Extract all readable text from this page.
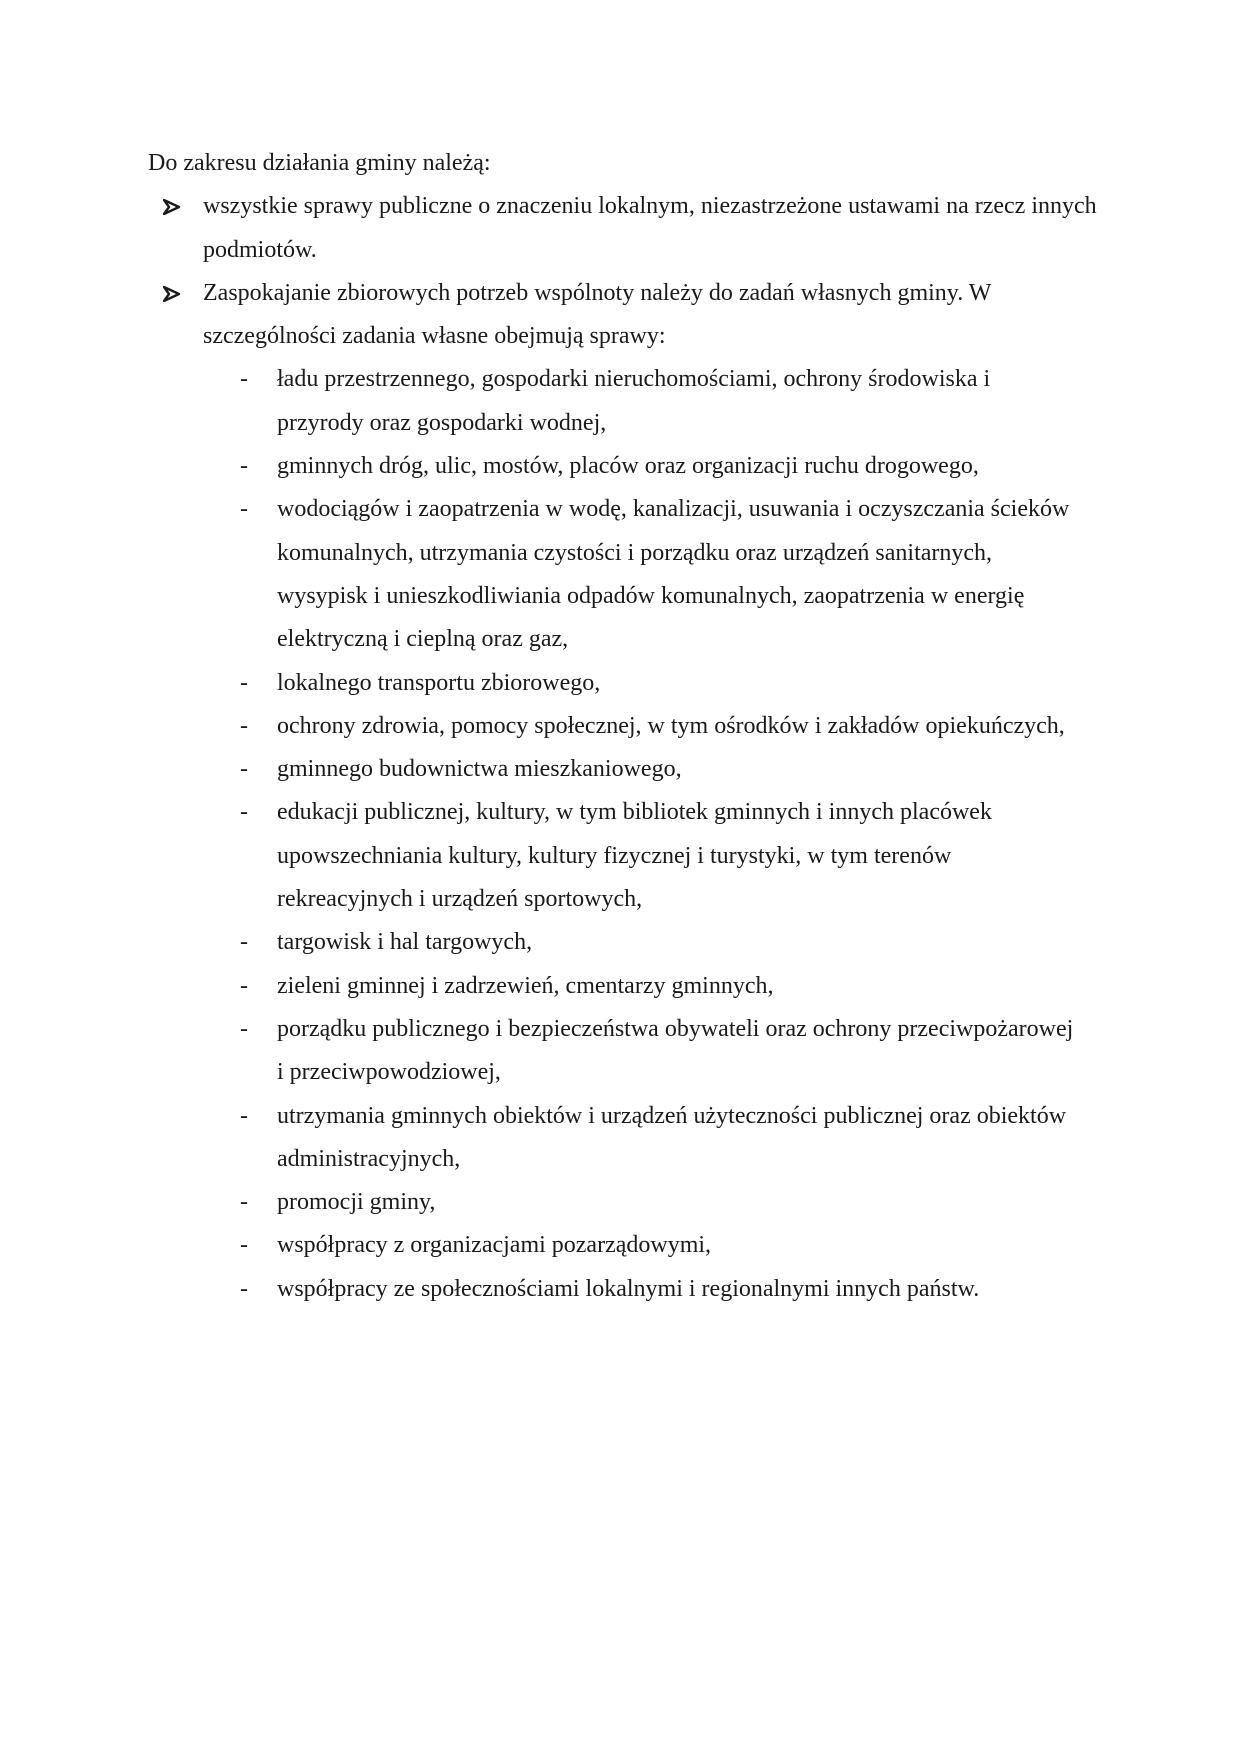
Do zakresu działania gminy należą:

wszystkie sprawy publiczne o znaczeniu lokalnym, niezastrzeżone ustawami na rzecz innych podmiotów.
Zaspokajanie zbiorowych potrzeb wspólnoty należy do zadań własnych gminy. W szczególności zadania własne obejmują sprawy:
- ładu przestrzennego, gospodarki nieruchomościami, ochrony środowiska i przyrody oraz gospodarki wodnej,
- gminnych dróg, ulic, mostów, placów oraz organizacji ruchu drogowego,
- wodociągów i zaopatrzenia w wodę, kanalizacji, usuwania i oczyszczania ścieków komunalnych, utrzymania czystości i porządku oraz urządzeń sanitarnych, wysypisk i unieszkodliwiania odpadów komunalnych, zaopatrzenia w energię elektryczną i cieplną oraz gaz,
- lokalnego transportu zbiorowego,
- ochrony zdrowia, pomocy społecznej, w tym ośrodków i zakładów opiekuńczych,
- gminnego budownictwa mieszkaniowego,
- edukacji publicznej, kultury, w tym bibliotek gminnych i innych placówek upowszechniania kultury, kultury fizycznej i turystyki, w tym terenów rekreacyjnych i urządzeń sportowych,
- targowisk i hal targowych,
- zieleni gminnej i zadrzewień, cmentarzy gminnych,
- porządku publicznego i bezpieczeństwa obywateli oraz ochrony przeciwpożarowej i przeciwpowodziowej,
- utrzymania gminnych obiektów i urządzeń użyteczności publicznej oraz obiektów administracyjnych,
- promocji gminy,
- współpracy z organizacjami pozarządowymi,
- współpracy ze społecznościami lokalnymi i regionalnymi innych państw.
